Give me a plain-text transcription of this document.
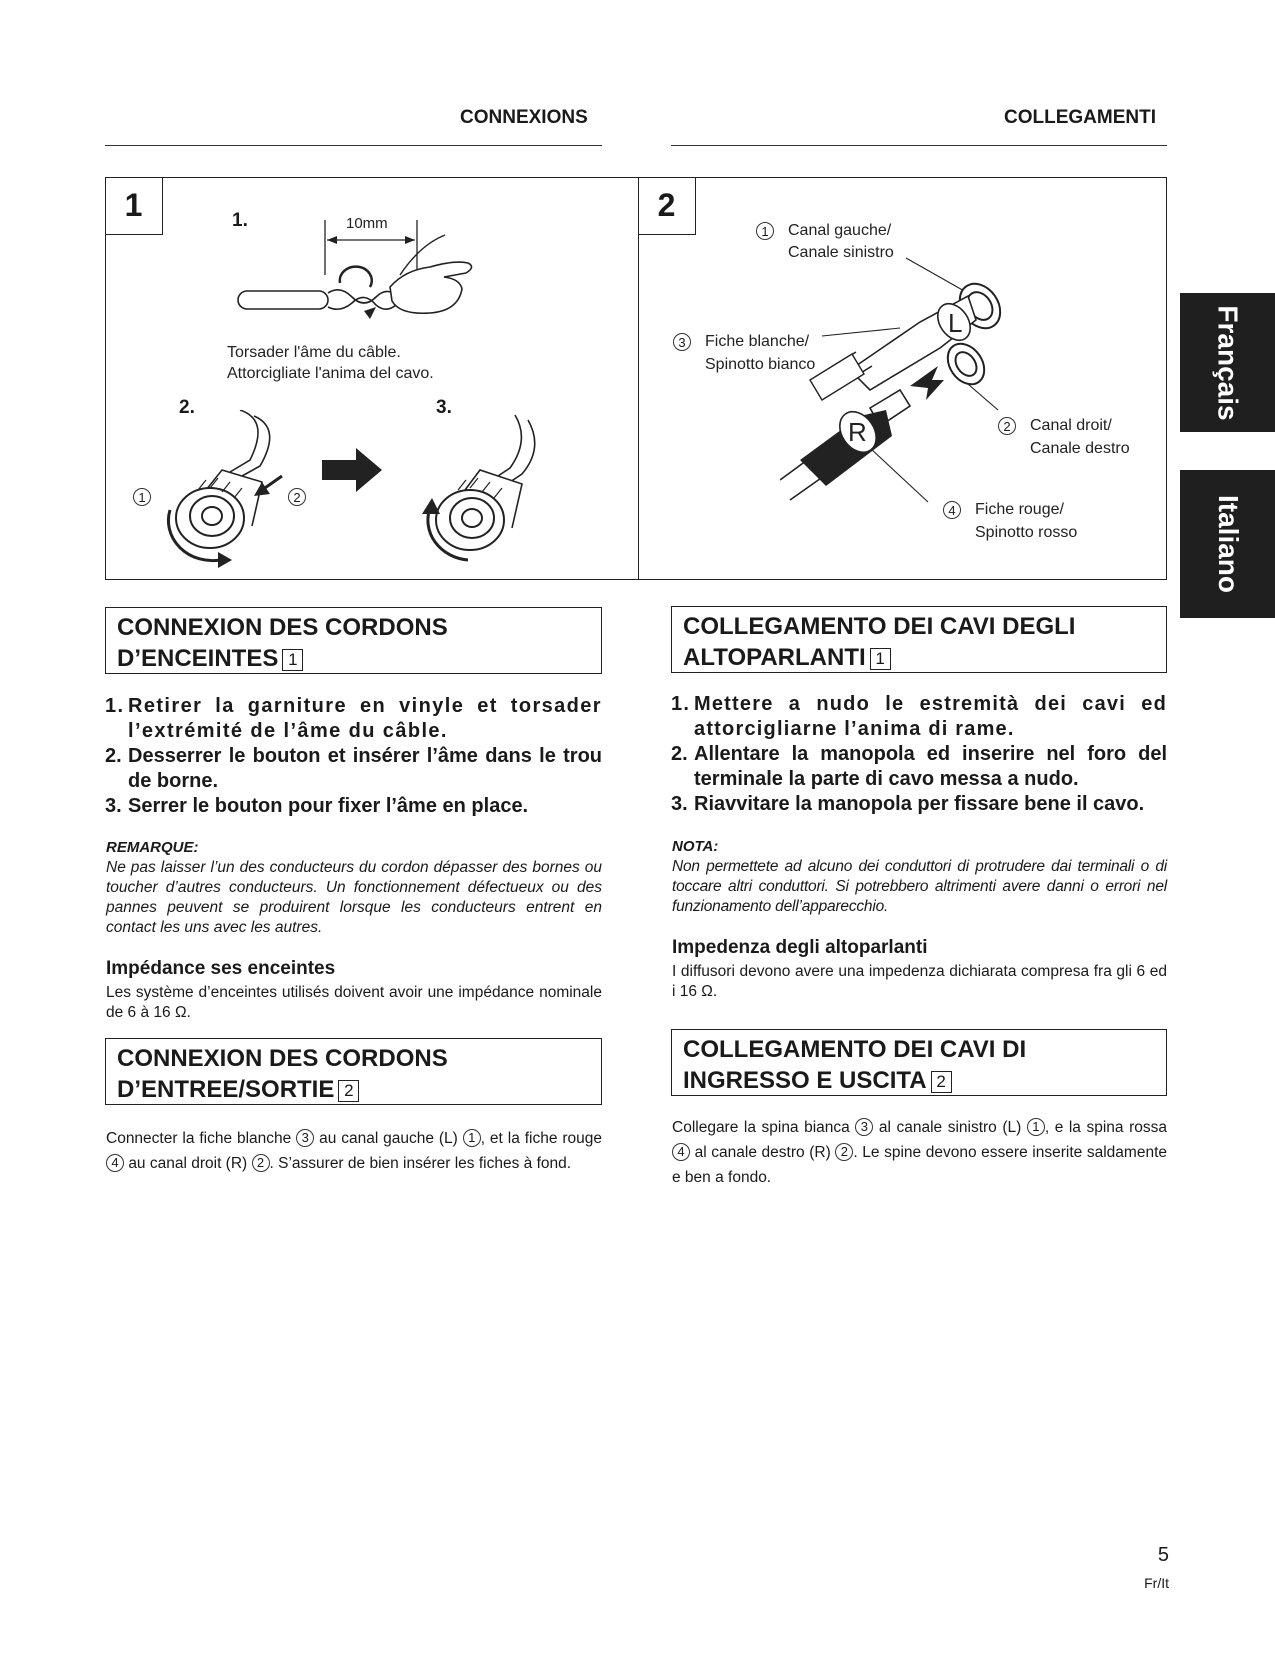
CONNEXIONS	COLLEGAMENTI
Français
Italiano
1	1.	10mm
Torsader l'âme du câble.
Attorcigliate l'anima del cavo.
2.	3.
1	2
2
1	Canal gauche/
Canale sinistro
3	Fiche blanche/
Spinotto bianco
2	Canal droit/
Canale destro
4	Fiche rouge/
Spinotto rosso
L
R
CONNEXION DES CORDONS
D’ENCEINTES 1
1. Retirer la garniture en vinyle et torsader l’extrémité de l’âme du câble.
2. Desserrer le bouton et insérer l’âme dans le trou de borne.
3. Serrer le bouton pour fixer l’âme en place.
REMARQUE:
Ne pas laisser l’un des conducteurs du cordon dépasser des bornes ou toucher d’autres conducteurs. Un fonctionnement défectueux ou des pannes peuvent se produirent lorsque les conducteurs entrent en contact les uns avec les autres.
Impédance ses enceintes
Les système d’enceintes utilisés doivent avoir une impédance nominale de 6 à 16 Ω.
CONNEXION DES CORDONS
D’ENTREE/SORTIE 2
Connecter la fiche blanche 3 au canal gauche (L) 1 , et la fiche rouge 4 au canal droit (R) 2 . S’assurer de bien insérer les fiches à fond.
COLLEGAMENTO DEI CAVI DEGLI
ALTOPARLANTI 1
1. Mettere a nudo le estremità dei cavi ed attorcigliarne l’anima di rame.
2. Allentare la manopola ed inserire nel foro del terminale la parte di cavo messa a nudo.
3. Riavvitare la manopola per fissare bene il cavo.
NOTA:
Non permettete ad alcuno dei conduttori di protrudere dai terminali o di toccare altri conduttori. Si potrebbero altrimenti avere danni o errori nel funzionamento dell’apparecchio.
Impedenza degli altoparlanti
I diffusori devono avere una impedenza dichiarata compresa fra gli 6 ed i 16 Ω.
COLLEGAMENTO DEI CAVI DI
INGRESSO E USCITA 2
Collegare la spina bianca 3 al canale sinistro (L) 1 , e la spina rossa 4 al canale destro (R) 2 . Le spine devono essere inserite saldamente e ben a fondo.
5
Fr/It
